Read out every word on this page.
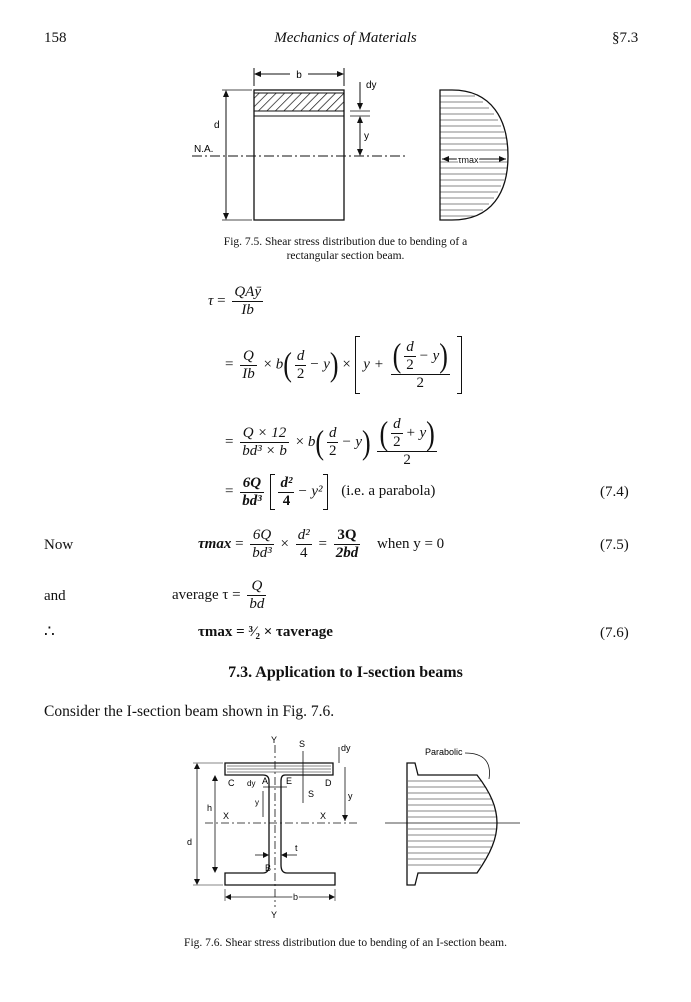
158	Mechanics of Materials	§7.3
b
dy
y
d
N.A.
τmax
Fig. 7.5. Shear stress distribution due to bending of a
rectangular section beam.
$\tau = \frac{\text{QAȳ}}{Ib}$
= $\frac{Q}{Ib} \times b( \frac{d}{2} - y) \times y + \frac{( \frac{d}{2} - y)}{2}$

= $\frac{Q \times 12}{\text{bd³ × b}} \times b( \frac{d}{2} - y) \frac{( \frac{d}{2} + y)}{2}$
= $\frac{6Q}{\text{bd³}}$
$\frac{\text{d²}}{4} - y^2$ (i.e. a parabola)	(7.4)
Now	$\tau\max = \frac{6Q}{\text{bd³}} \times \frac{\text{d²}}{4} = \frac{3Q}{2bd}$ when y = 0	(7.5)
and	average $\tau = \frac{Q}{bd}$
∴	τmax = ³⁄₂ × τaverage	(7.6)
7.3. Application to I-section beams
Consider the I-section beam shown in Fig. 7.6.
Y
Y
S
S
dy
C dy A E	D
y
y
X	X
h
d
t
B
b
Parabolic
Fig. 7.6. Shear stress distribution due to bending of an I-section beam.
